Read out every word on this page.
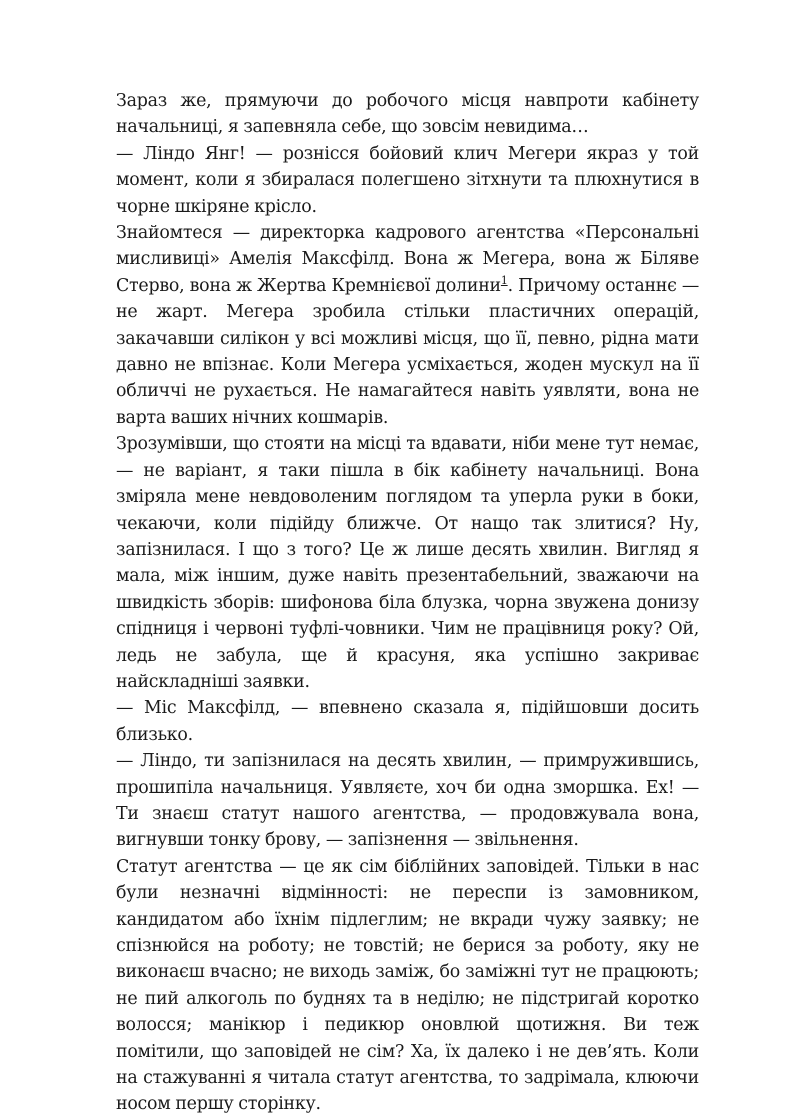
Зараз же, прямуючи до робочого місця навпроти кабінету начальниці, я запевняла себе, що зовсім невидима…

— Ліндо Янг! — рознісся бойовий клич Мегери якраз у той момент, коли я збиралася полегшено зітхнути та плюхнутися в чорне шкіряне крісло.

Знайомтеся — директорка кадрового агентства «Персональні мисливиці» Амелія Максфілд. Вона ж Мегера, вона ж Біляве Стерво, вона ж Жертва Кремнієвої долини$^1$. Причому останнє — не жарт. Мегера зробила стільки пластичних операцій, закачавши силікон у всі можливі місця, що її, певно, рідна мати давно не впізнає. Коли Мегера усміхається, жоден мускул на її обличчі не рухається. Не намагайтеся навіть уявляти, вона не варта ваших нічних кошмарів.

Зрозумівши, що стояти на місці та вдавати, ніби мене тут немає, — не варіант, я таки пішла в бік кабінету начальниці. Вона зміряла мене невдоволеним поглядом та уперла руки в боки, чекаючи, коли підійду ближче. От нащо так злитися? Ну, запізнилася. І що з того? Це ж лише десять хвилин. Вигляд я мала, між іншим, дуже навіть презентабельний, зважаючи на швидкість зборів: шифонова біла блузка, чорна звужена донизу спідниця і червоні туфлі-човники. Чим не працівниця року? Ой, ледь не забула, ще й красуня, яка успішно закриває найскладніші заявки.

— Міс Максфілд, — впевнено сказала я, підійшовши досить близько.

— Ліндо, ти запізнилася на десять хвилин, — примружившись, прошипіла начальниця. Уявляєте, хоч би одна зморшка. Ех! — Ти знаєш статут нашого агентства, — продовжувала вона, вигнувши тонку брову, — запізнення — звільнення.

Статут агентства — це як сім біблійних заповідей. Тільки в нас були незначні відмінності: не переспи із замовником, кандидатом або їхнім підлеглим; не вкради чужу заявку; не спізнюйся на роботу; не товстій; не берися за роботу, яку не виконаєш вчасно; не виходь заміж, бо заміжні тут не працюють; не пий алкоголь по буднях та в неділю; не підстригай коротко волосся; манікюр і педикюр оновлюй щотижня. Ви теж помітили, що заповідей не сім? Ха, їх далеко і не дев’ять. Коли на стажуванні я читала статут агентства, то задрімала, клюючи носом першу сторінку.
